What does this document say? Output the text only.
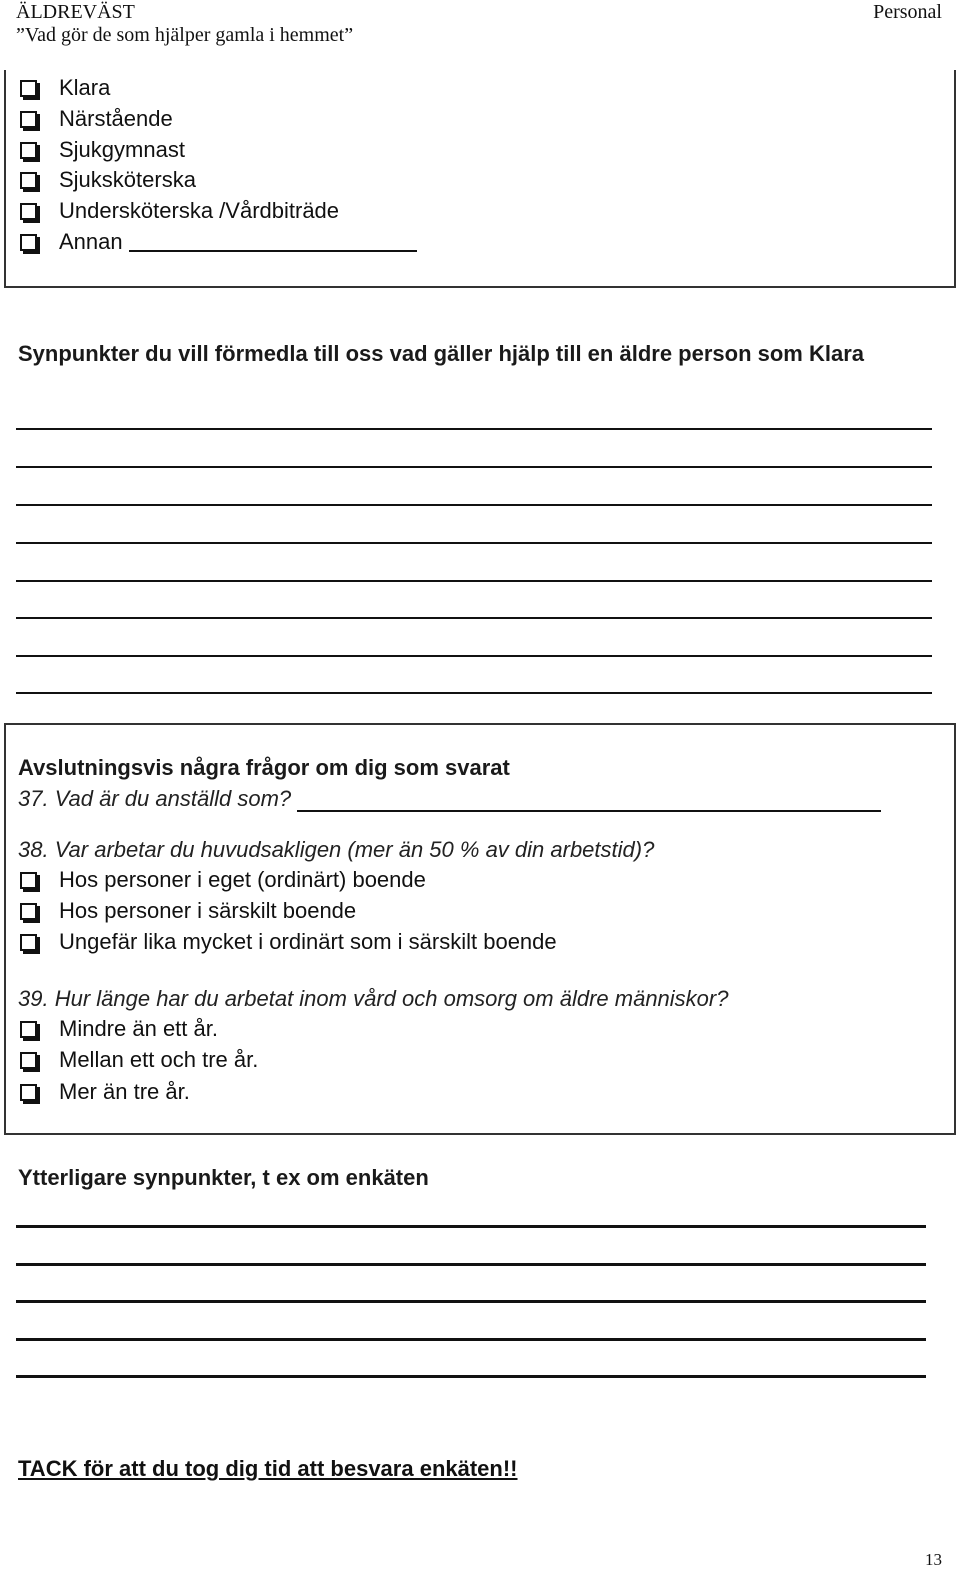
ÄLDREVÄST
”Vad gör de som hjälper gamla i hemmet”
Personal
Klara
Närstående
Sjukgymnast
Sjuksköterska
Undersköterska /Vårdbiträde
Annan
Synpunkter du vill förmedla till oss vad gäller hjälp till en äldre person som Klara
Avslutningsvis några frågor om dig som svarat
37. Vad är du anställd som?
38. Var arbetar du huvudsakligen (mer än 50 % av din arbetstid)?
Hos personer i eget (ordinärt) boende
Hos personer i särskilt boende
Ungefär lika mycket i ordinärt som i särskilt boende
39. Hur länge har du arbetat inom vård och omsorg om äldre människor?
Mindre än ett år.
Mellan ett och tre år.
Mer än tre år.
Ytterligare synpunkter, t ex om enkäten
TACK för att du tog dig tid att besvara enkäten!!
13
